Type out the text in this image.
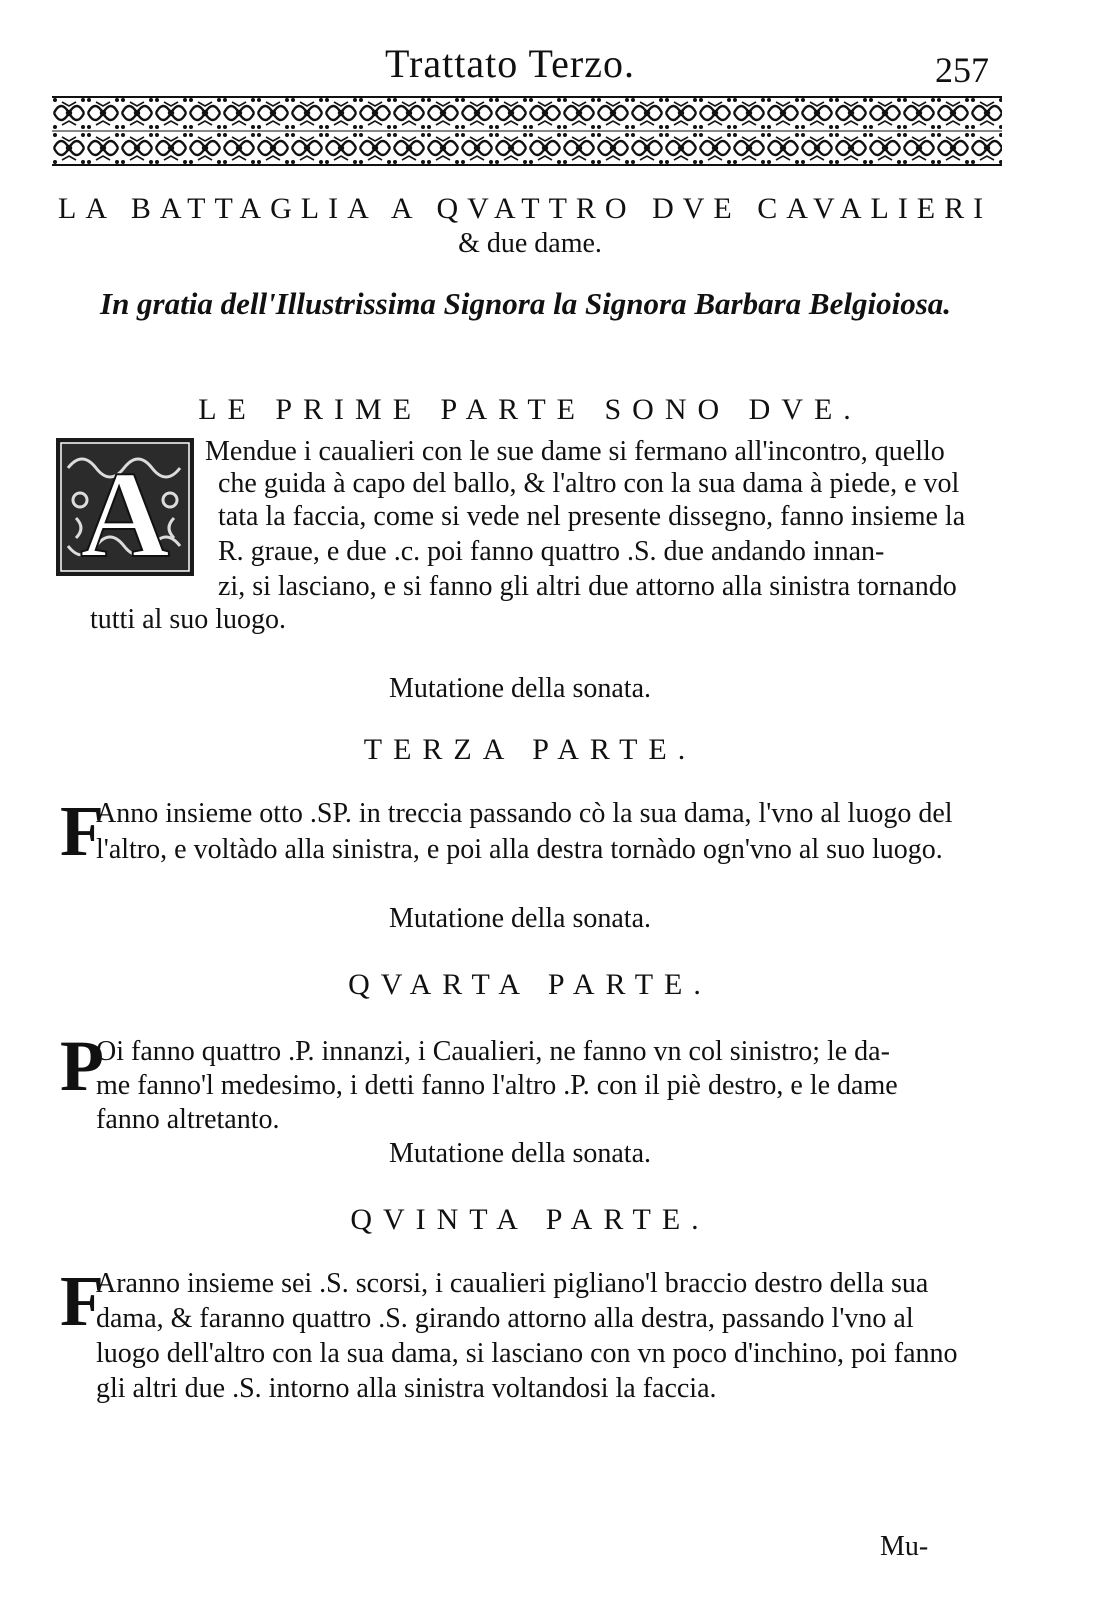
Trattato Terzo.	257
LA BATTAGLIA A QVATTRO DVE CAVALIERI
& due dame.
In gratia dell'Illustrissima Signora la Signora Barbara Belgioiosa.
LE PRIME PARTE SONO DVE.
A Mendue i caualieri con le sue dame si fermano all'incontro, quello
che guida à capo del ballo, & l'altro con la sua dama à piede, e vol
tata la faccia, come si vede nel presente dissegno, fanno insieme la
R. graue, e due .c. poi fanno quattro .S. due andando innan-
zi, si lasciano, e si fanno gli altri due attorno alla sinistra tornando
tutti al suo luogo.
Mutatione della sonata.
TERZA PARTE.
F
Anno insieme otto .SP. in treccia passando cò la sua dama, l'vno al luogo del
l'altro, e voltàdo alla sinistra, e poi alla destra tornàdo ogn'vno al suo luogo.
Mutatione della sonata.
QVARTA PARTE.
P
Oi fanno quattro .P. innanzi, i Caualieri, ne fanno vn col sinistro; le da-
me fanno'l medesimo, i detti fanno l'altro .P. con il piè destro, e le dame
fanno altretanto.
Mutatione della sonata.
QVINTA PARTE.
F
Aranno insieme sei .S. scorsi, i caualieri pigliano'l braccio destro della sua
dama, & faranno quattro .S. girando attorno alla destra, passando l'vno al
luogo dell'altro con la sua dama, si lasciano con vn poco d'inchino, poi fanno
gli altri due .S. intorno alla sinistra voltandosi la faccia.
Mu-
